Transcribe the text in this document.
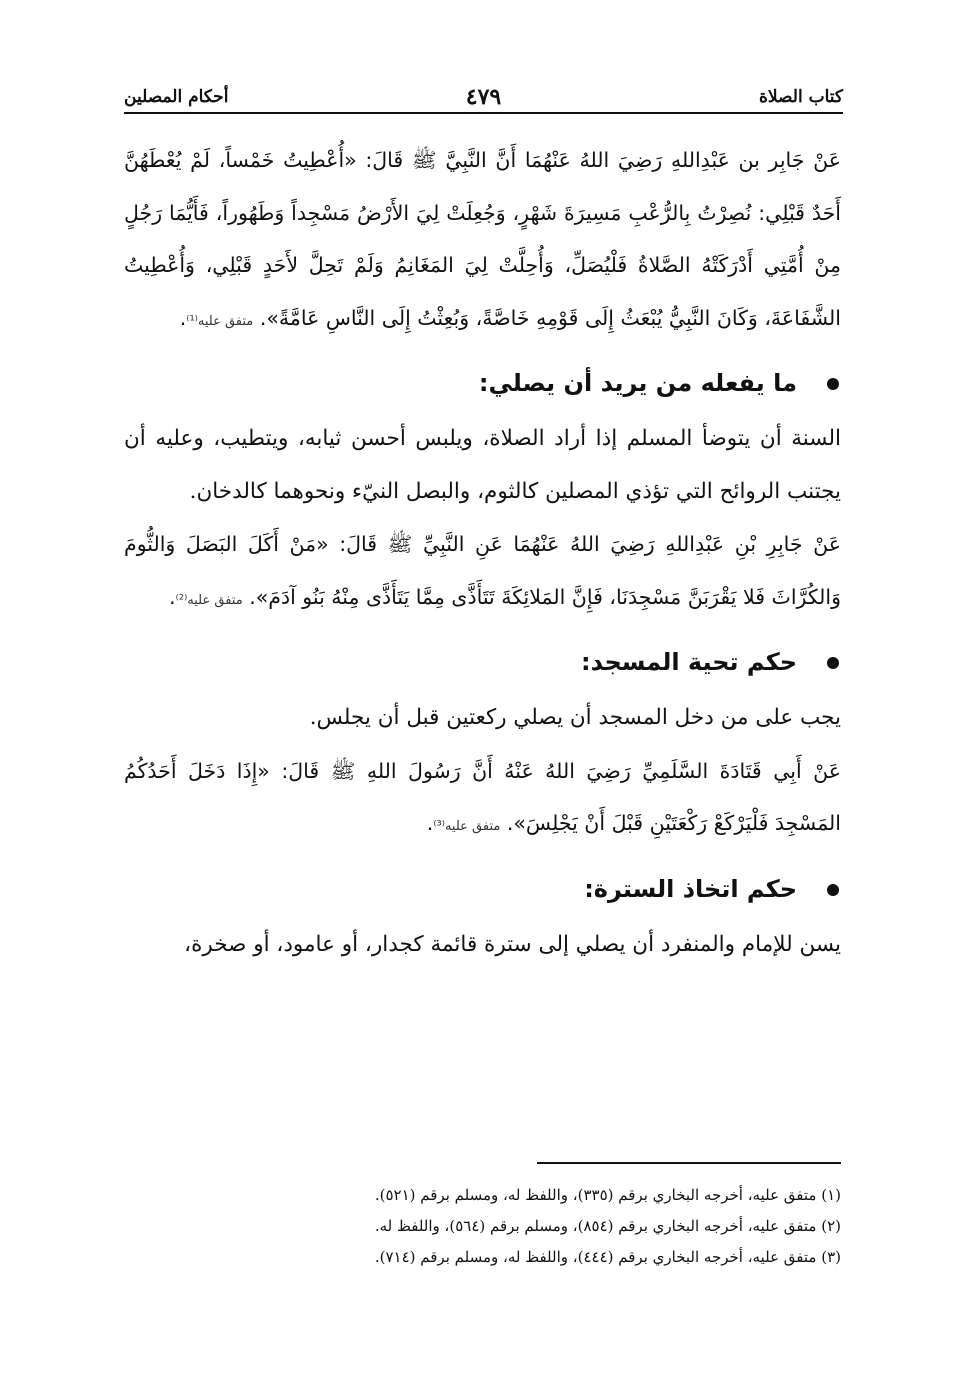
كتاب الصلاة
٤٧٩
أحكام المصلين

عَنْ جَابِر بن عَبْدِاللهِ رَضِيَ اللهُ عَنْهُمَا أَنَّ النَّبِيَّ ﷺ قَالَ: «أُعْطِيتُ خَمْساً، لَمْ يُعْطَهُنَّ أَحَدٌ قَبْلِي: نُصِرْتُ بِالرُّعْبِ مَسِيرَةَ شَهْرٍ، وَجُعِلَتْ لِيَ الأَرْضُ مَسْجِداً وَطَهُوراً، فَأَيُّمَا رَجُلٍ مِنْ أُمَّتِي أَدْرَكَتْهُ الصَّلاةُ فَلْيُصَلِّ، وَأُحِلَّتْ لِيَ المَغَانِمُ وَلَمْ تَحِلَّ لأَحَدٍ قَبْلِي، وَأُعْطِيتُ الشَّفَاعَةَ، وَكَانَ النَّبِيُّ يُبْعَثُ إِلَى قَوْمِهِ خَاصَّةً، وَبُعِثْتُ إِلَى النَّاسِ عَامَّةً». متفق عليه⁽¹⁾.

ما يفعله من يريد أن يصلي:

السنة أن يتوضأ المسلم إذا أراد الصلاة، ويلبس أحسن ثيابه، ويتطيب، وعليه أن يجتنب الروائح التي تؤذي المصلين كالثوم، والبصل النيّء ونحوهما كالدخان.

عَنْ جَابِرِ بْنِ عَبْدِاللهِ رَضِيَ اللهُ عَنْهُمَا عَنِ النَّبِيِّ ﷺ قَالَ: «مَنْ أَكَلَ البَصَلَ وَالثُّومَ وَالكُرَّاثَ فَلا يَقْرَبَنَّ مَسْجِدَنَا، فَإِنَّ المَلائِكَةَ تَتَأَذَّى مِمَّا يَتَأَذَّى مِنْهُ بَنُو آدَمَ». متفق عليه⁽²⁾.

حكم تحية المسجد:

يجب على من دخل المسجد أن يصلي ركعتين قبل أن يجلس.

عَنْ أَبِي قَتَادَةَ السَّلَمِيِّ رَضِيَ اللهُ عَنْهُ أَنَّ رَسُولَ اللهِ ﷺ قَالَ: «إِذَا دَخَلَ أَحَدُكُمُ المَسْجِدَ فَلْيَرْكَعْ رَكْعَتَيْنِ قَبْلَ أَنْ يَجْلِسَ». متفق عليه⁽³⁾.

حكم اتخاذ السترة:

يسن للإمام والمنفرد أن يصلي إلى سترة قائمة كجدار، أو عامود، أو صخرة،

(١) متفق عليه، أخرجه البخاري برقم (٣٣٥)، واللفظ له، ومسلم برقم (٥٢١).

(٢) متفق عليه، أخرجه البخاري برقم (٨٥٤)، ومسلم برقم (٥٦٤)، واللفظ له.

(٣) متفق عليه، أخرجه البخاري برقم (٤٤٤)، واللفظ له، ومسلم برقم (٧١٤).
